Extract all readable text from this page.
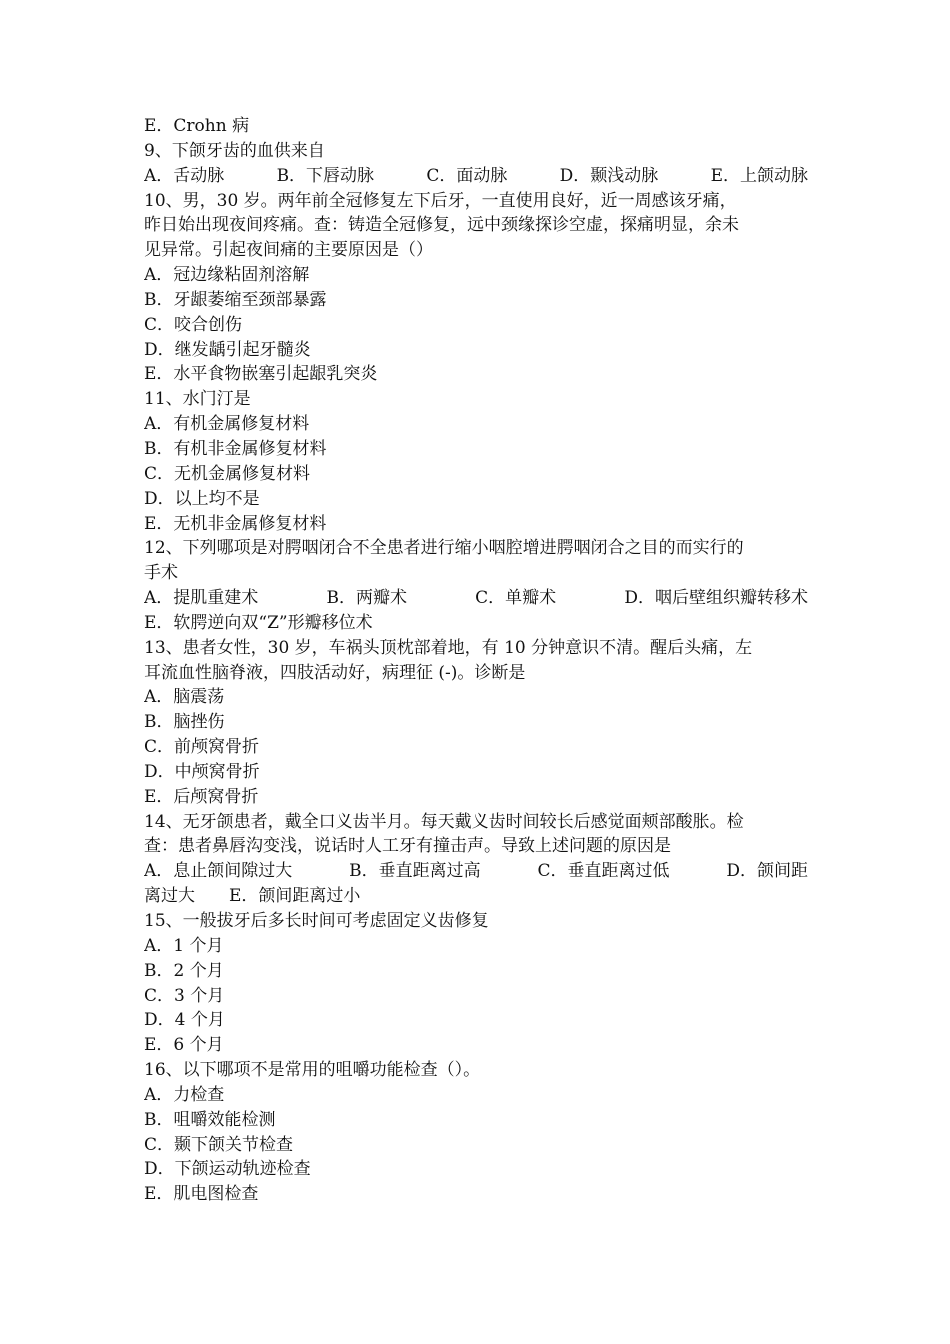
E．Crohn 病
9、下颌牙齿的血供来自
A．舌动脉	B．下唇动脉	C．面动脉	D．颞浅动脉	E．上颌动脉
10、男，30 岁。两年前全冠修复左下后牙，一直使用良好，近一周感该牙痛，
昨日始出现夜间疼痛。查：铸造全冠修复，远中颈缘探诊空虚，探痛明显，余未
见异常。引起夜间痛的主要原因是（）
A．冠边缘粘固剂溶解
B．牙龈萎缩至颈部暴露
C．咬合创伤
D．继发龋引起牙髓炎
E．水平食物嵌塞引起龈乳突炎
11、水门汀是
A．有机金属修复材料
B．有机非金属修复材料
C．无机金属修复材料
D．以上均不是
E．无机非金属修复材料
12、下列哪项是对腭咽闭合不全患者进行缩小咽腔增进腭咽闭合之目的而实行的
手术
A．提肌重建术	B．两瓣术	C．单瓣术	D．咽后壁组织瓣转移术
E．软腭逆向双“Z”形瓣移位术
13、患者女性，30 岁，车祸头顶枕部着地，有 10 分钟意识不清。醒后头痛，左
耳流血性脑脊液，四肢活动好，病理征 (-)。诊断是
A．脑震荡
B．脑挫伤
C．前颅窝骨折
D．中颅窝骨折
E．后颅窝骨折
14、无牙颌患者，戴全口义齿半月。每天戴义齿时间较长后感觉面颊部酸胀。检
查：患者鼻唇沟变浅，说话时人工牙有撞击声。导致上述问题的原因是
A．息止颌间隙过大	B．垂直距离过高	C．垂直距离过低	D．颌间距
离过大　　E．颌间距离过小
15、一般拔牙后多长时间可考虑固定义齿修复
A．1 个月
B．2 个月
C．3 个月
D．4 个月
E．6 个月
16、以下哪项不是常用的咀嚼功能检查（）。
A．力检查
B．咀嚼效能检测
C．颞下颌关节检查
D．下颌运动轨迹检查
E．肌电图检查
